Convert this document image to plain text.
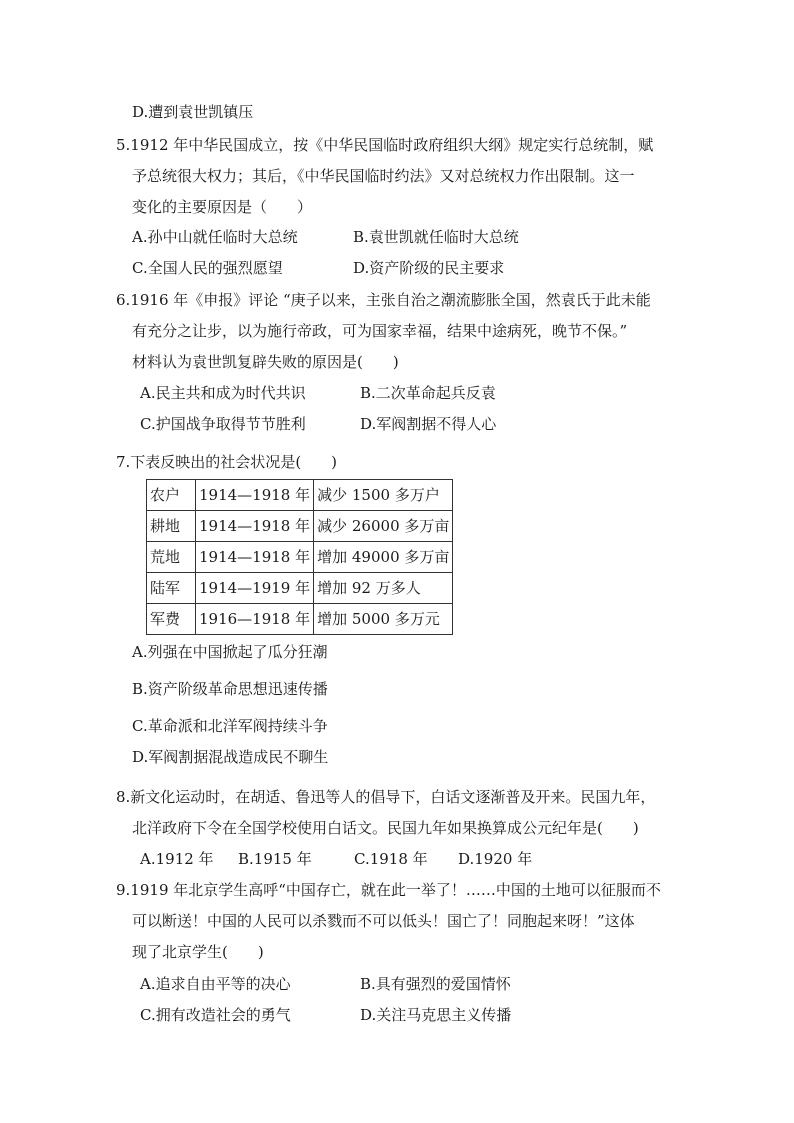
D.遭到袁世凯镇压
5.1912 年中华民国成立，按《中华民国临时政府组织大纲》规定实行总统制，赋
予总统很大权力；其后，《中华民国临时约法》又对总统权力作出限制。这一
变化的主要原因是（　　）
A.孙中山就任临时大总统	B.袁世凯就任临时大总统
C.全国人民的强烈愿望	D.资产阶级的民主要求
6.1916 年《申报》评论 “庚子以来，主张自治之潮流膨胀全国，然袁氏于此未能
有充分之让步，以为施行帝政，可为国家幸福，结果中途病死，晚节不保。”
材料认为袁世凯复辟失败的原因是(　　)
A.民主共和成为时代共识	B.二次革命起兵反袁
C.护国战争取得节节胜利	D.军阀割据不得人心
7.下表反映出的社会状况是(　　)
农户	1914—1918 年	减少 1500 多万户
耕地	1914—1918 年	减少 26000 多万亩
荒地	1914—1918 年	增加 49000 多万亩
陆军	1914—1919 年	增加 92 万多人
军费	1916—1918 年	增加 5000 多万元
A.列强在中国掀起了瓜分狂潮
B.资产阶级革命思想迅速传播
C.革命派和北洋军阀持续斗争
D.军阀割据混战造成民不聊生
8.新文化运动时，在胡适、鲁迅等人的倡导下，白话文逐渐普及开来。民国九年，
北洋政府下令在全国学校使用白话文。民国九年如果换算成公元纪年是(　　)
A.1912 年 B.1915 年	C.1918 年 D.1920 年
9.1919 年北京学生高呼“中国存亡，就在此一举了！……中国的土地可以征服而不
可以断送！中国的人民可以杀戮而不可以低头！国亡了！同胞起来呀！”这体
现了北京学生(　　)
A.追求自由平等的决心	B.具有强烈的爱国情怀
C.拥有改造社会的勇气	D.关注马克思主义传播
